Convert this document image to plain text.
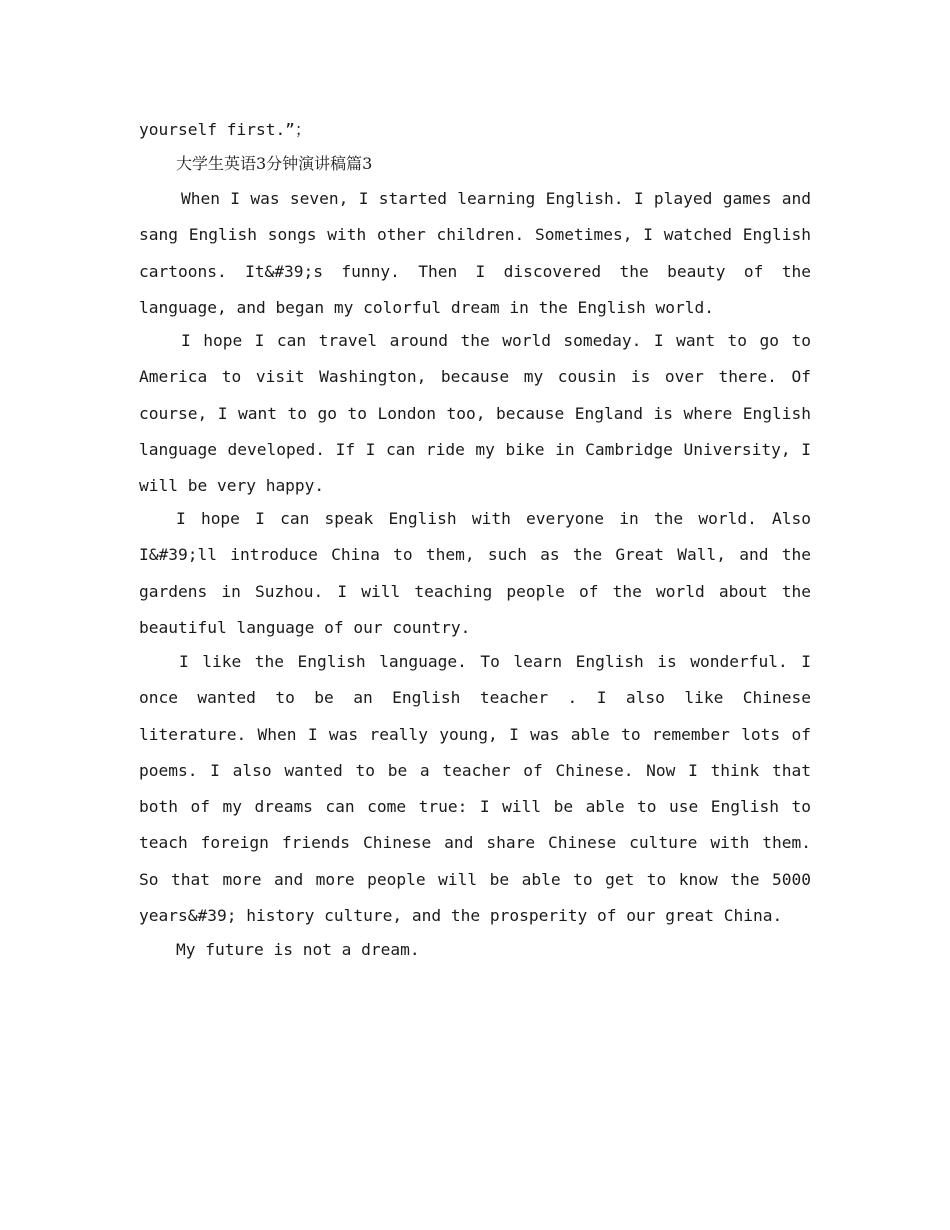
yourself first.”；

大学生英语3分钟演讲稿篇3

When I was seven, I started learning English. I played games and sang English songs with other children. Sometimes, I watched English cartoons. It&#39;s funny. Then I discovered the beauty of the language, and began my colorful dream in the English world.

I hope I can travel around the world someday. I want to go to America to visit Washington, because my cousin is over there. Of course, I want to go to London too, because England is where English language developed. If I can ride my bike in Cambridge University, I will be very happy.

I hope I can speak English with everyone in the world. Also I&#39;ll introduce China to them, such as the Great Wall, and the gardens in Suzhou. I will teaching people of the world about the beautiful language of our country.

I like the English language. To learn English is wonderful. I once wanted to be an English teacher . I also like Chinese literature. When I was really young, I was able to remember lots of poems. I also wanted to be a teacher of Chinese. Now I think that both of my dreams can come true: I will be able to use English to teach foreign friends Chinese and share Chinese culture with them. So that more and more people will be able to get to know the 5000 years&#39; history culture, and the prosperity of our great China.

My future is not a dream.
